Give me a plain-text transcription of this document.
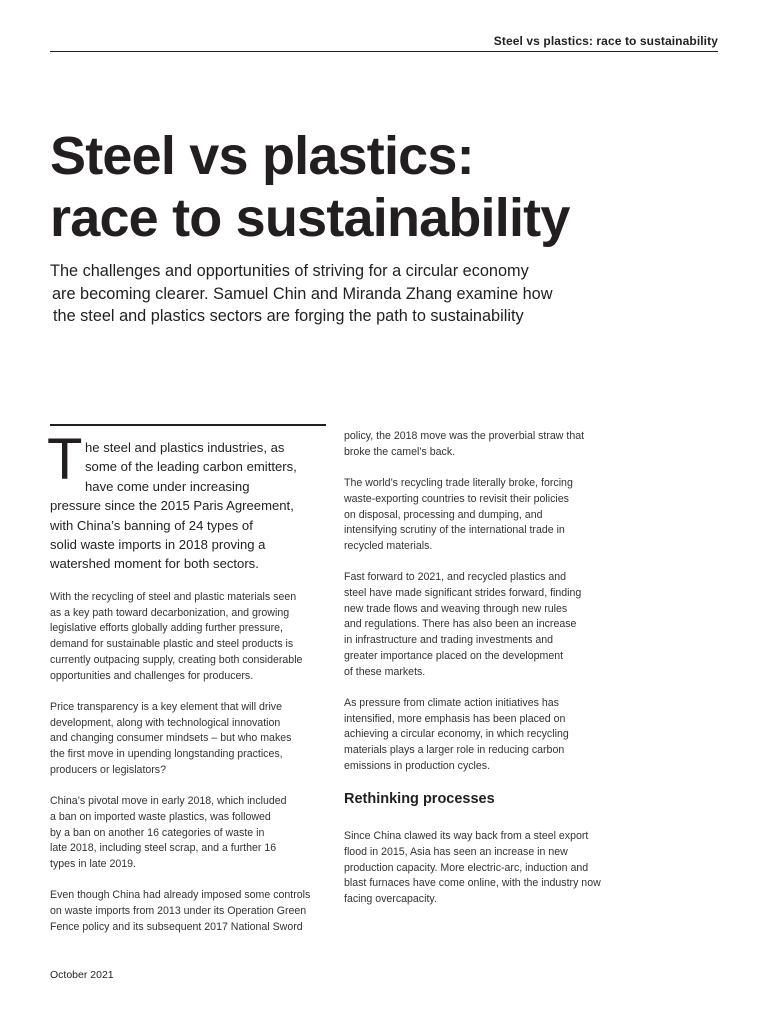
Steel vs plastics: race to sustainability
Steel vs plastics:
race to sustainability
The challenges and opportunities of striving for a circular economy
are becoming clearer. Samuel Chin and Miranda Zhang examine how
the steel and plastics sectors are forging the path to sustainability
T he steel and plastics industries, as
some of the leading carbon emitters,
have come under increasing
pressure since the 2015 Paris Agreement,
with China’s banning of 24 types of
solid waste imports in 2018 proving a
watershed moment for both sectors.

With the recycling of steel and plastic materials seen
as a key path toward decarbonization, and growing
legislative efforts globally adding further pressure,
demand for sustainable plastic and steel products is
currently outpacing supply, creating both considerable
opportunities and challenges for producers.

Price transparency is a key element that will drive
development, along with technological innovation
and changing consumer mindsets – but who makes
the first move in upending longstanding practices,
producers or legislators?

China’s pivotal move in early 2018, which included
a ban on imported waste plastics, was followed
by a ban on another 16 categories of waste in
late 2018, including steel scrap, and a further 16
types in late 2019.

Even though China had already imposed some controls
on waste imports from 2013 under its Operation Green
Fence policy and its subsequent 2017 National Sword

policy, the 2018 move was the proverbial straw that
broke the camel’s back.

The world’s recycling trade literally broke, forcing
waste-exporting countries to revisit their policies
on disposal, processing and dumping, and
intensifying scrutiny of the international trade in
recycled materials.

Fast forward to 2021, and recycled plastics and
steel have made significant strides forward, finding
new trade flows and weaving through new rules
and regulations. There has also been an increase
in infrastructure and trading investments and
greater importance placed on the development
of these markets.

As pressure from climate action initiatives has
intensified, more emphasis has been placed on
achieving a circular economy, in which recycling
materials plays a larger role in reducing carbon
emissions in production cycles.

Rethinking processes

Since China clawed its way back from a steel export
flood in 2015, Asia has seen an increase in new
production capacity. More electric-arc, induction and
blast furnaces have come online, with the industry now
facing overcapacity.

October 2021
